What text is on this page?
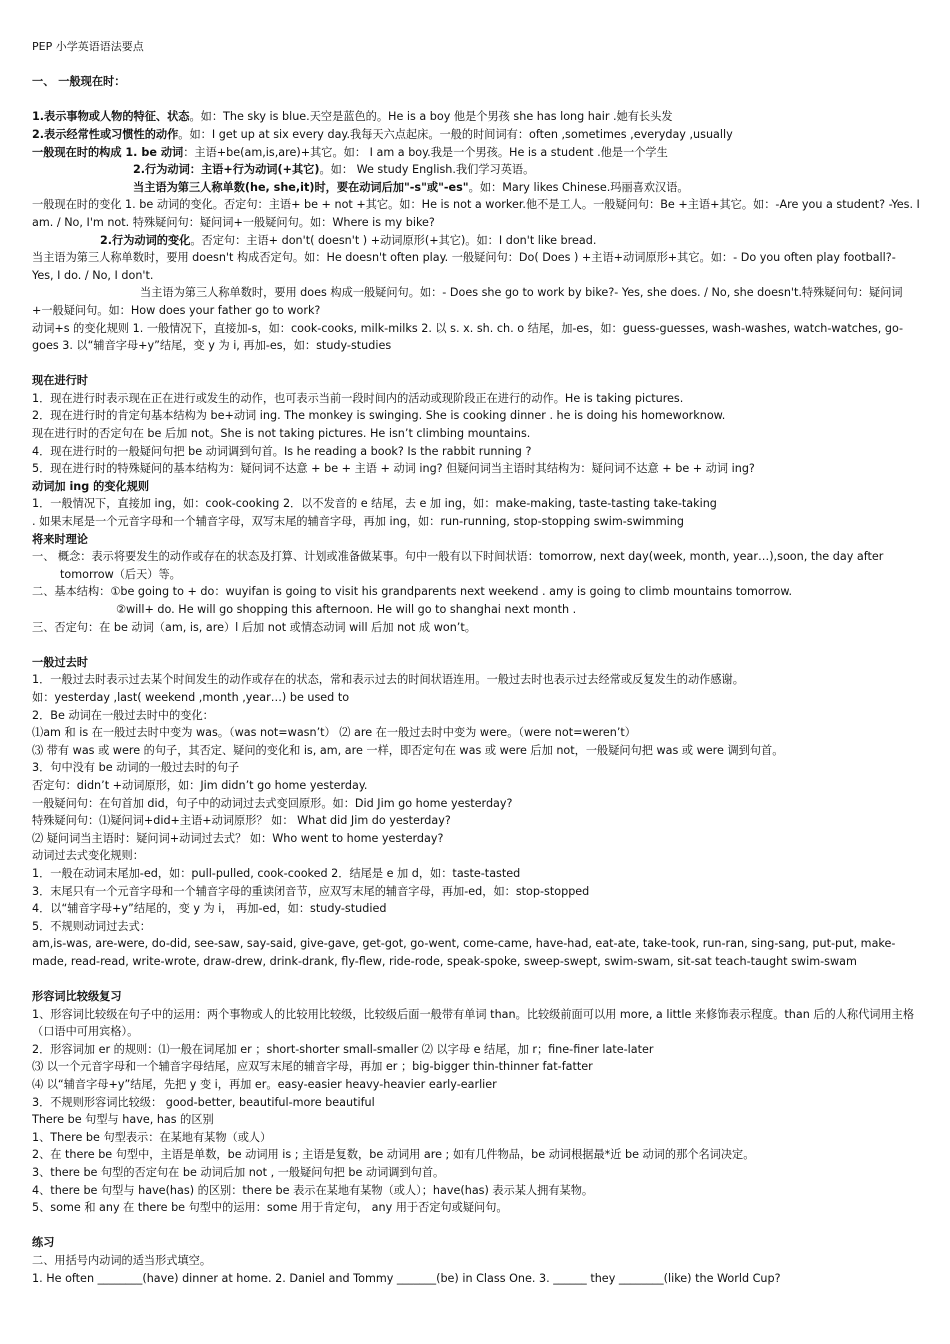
PEP 小学英语语法要点
一、 一般现在时：
1.表示事物或人物的特征、状态。如：The sky is blue.天空是蓝色的。He is a boy 他是个男孩 she has long hair .她有长头发
2.表示经常性或习惯性的动作。如：I get up at six every day.我每天六点起床。一般的时间词有：often ,sometimes ,everyday ,usually
一般现在时的构成 1. be 动词：主语+be(am,is,are)+其它。如： I am a boy.我是一个男孩。He is a student .他是一个学生
2.行为动词：主语+行为动词(+其它)。如： We study English.我们学习英语。
当主语为第三人称单数(he, she,it)时，要在动词后加"-s"或"-es"。如：Mary likes Chinese.玛丽喜欢汉语。
一般现在时的变化 1. be 动词的变化。否定句：主语+ be + not +其它。如：He is not a worker.他不是工人。一般疑问句：Be +主语+其它。如：-Are you a student? -Yes. I am. / No, I'm not. 特殊疑问句：疑问词+一般疑问句。如：Where is my bike?
2.行为动词的变化。否定句：主语+ don't( doesn't ) +动词原形(+其它)。如：I don't like bread.
当主语为第三人称单数时，要用 doesn't 构成否定句。如：He doesn't often play. 一般疑问句：Do( Does ) +主语+动词原形+其它。如：- Do you often play football?- Yes, I do. / No, I don't.
当主语为第三人称单数时，要用 does 构成一般疑问句。如：- Does she go to work by bike?- Yes, she does. / No, she doesn't.特殊疑问句：疑问词+一般疑问句。如：How does your father go to work?
动词+s 的变化规则 1. 一般情况下，直接加-s，如：cook-cooks, milk-milks 2. 以 s. x. sh. ch. o 结尾，加-es，如：guess-guesses, wash-washes, watch-watches, go-goes 3. 以“辅音字母+y”结尾，变 y 为 i, 再加-es，如：study-studies
现在进行时
1．现在进行时表示现在正在进行或发生的动作，也可表示当前一段时间内的活动或现阶段正在进行的动作。He is taking pictures.
2．现在进行时的肯定句基本结构为 be+动词 ing. The monkey is swinging. She is cooking dinner . he is doing his homeworknow.
现在进行时的否定句在 be 后加 not。She is not taking pictures. He isn’t climbing mountains.
4．现在进行时的一般疑问句把 be 动词调到句首。Is he reading a book? Is the rabbit running ?
5．现在进行时的特殊疑问的基本结构为：疑问词不达意 + be + 主语 + 动词 ing? 但疑问词当主语时其结构为：疑问词不达意 + be + 动词 ing?
动词加 ing 的变化规则
1．一般情况下，直接加 ing，如：cook-cooking 2．以不发音的 e 结尾，去 e 加 ing，如：make-making, taste-tasting take-taking
. 如果末尾是一个元音字母和一个辅音字母，双写末尾的辅音字母，再加 ing，如：run-running, stop-stopping swim-swimming
将来时理论
一、 概念：表示将要发生的动作或存在的状态及打算、计划或准备做某事。句中一般有以下时间状语：tomorrow, next day(week, month, year…),soon, the day after
tomorrow（后天）等。
二、基本结构：①be going to + do：wuyifan is going to visit his grandparents next weekend . amy is going to climb mountains tomorrow.
②will+ do. He will go shopping this afternoon. He will go to shanghai next month .
三、否定句：在 be 动词（am, is, are）l 后加 not 或情态动词 will 后加 not 成 won’t。
一般过去时
1．一般过去时表示过去某个时间发生的动作或存在的状态，常和表示过去的时间状语连用。一般过去时也表示过去经常或反复发生的动作感谢。
如：yesterday ,last( weekend ,month ,year…) be used to
2．Be 动词在一般过去时中的变化：
⑴am 和 is 在一般过去时中变为 was。（was not=wasn’t） ⑵ are 在一般过去时中变为 were。（were not=weren’t）
⑶ 带有 was 或 were 的句子，其否定、疑问的变化和 is, am, are 一样，即否定句在 was 或 were 后加 not，一般疑问句把 was 或 were 调到句首。
3．句中没有 be 动词的一般过去时的句子
否定句：didn’t +动词原形，如：Jim didn’t go home yesterday.
一般疑问句：在句首加 did，句子中的动词过去式变回原形。如：Did Jim go home yesterday?
特殊疑问句：⑴疑问词+did+主语+动词原形？ 如： What did Jim do yesterday?
⑵ 疑问词当主语时：疑问词+动词过去式？ 如：Who went to home yesterday?
动词过去式变化规则：
1．一般在动词末尾加-ed，如：pull-pulled, cook-cooked 2．结尾是 e 加 d，如：taste-tasted
3．末尾只有一个元音字母和一个辅音字母的重读闭音节，应双写末尾的辅音字母，再加-ed，如：stop-stopped
4．以“辅音字母+y”结尾的，变 y 为 i， 再加-ed，如：study-studied
5．不规则动词过去式：
am,is-was, are-were, do-did, see-saw, say-said, give-gave, get-got, go-went, come-came, have-had, eat-ate, take-took, run-ran, sing-sang, put-put, make-made, read-read, write-wrote, draw-drew, drink-drank, fly-flew, ride-rode, speak-spoke, sweep-swept, swim-swam, sit-sat teach-taught swim-swam
形容词比较级复习
1、形容词比较级在句子中的运用：两个事物或人的比较用比较级，比较级后面一般带有单词 than。比较级前面可以用 more, a little 来修饰表示程度。than 后的人称代词用主格（口语中可用宾格）。
2．形容词加 er 的规则：⑴一般在词尾加 er ；short-shorter small-smaller ⑵ 以字母 e 结尾，加 r；fine-finer late-later
⑶ 以一个元音字母和一个辅音字母结尾，应双写末尾的辅音字母，再加 er ；big-bigger thin-thinner fat-fatter
⑷ 以“辅音字母+y”结尾，先把 y 变 i，再加 er。easy-easier heavy-heavier early-earlier
3．不规则形容词比较级： good-better, beautiful-more beautiful
There be 句型与 have, has 的区别
1、There be 句型表示：在某地有某物（或人）
2、在 there be 句型中，主语是单数，be 动词用 is ; 主语是复数，be 动词用 are ; 如有几件物品，be 动词根据最*近 be 动词的那个名词决定。
3、there be 句型的否定句在 be 动词后加 not , 一般疑问句把 be 动词调到句首。
4、there be 句型与 have(has) 的区别：there be 表示在某地有某物（或人）；have(has) 表示某人拥有某物。
5、some 和 any 在 there be 句型中的运用：some 用于肯定句， any 用于否定句或疑问句。
练习
二、用括号内动词的适当形式填空。
1. He often ________(have) dinner at home. 2. Daniel and Tommy _______(be) in Class One. 3. ______ they ________(like) the World Cup?
